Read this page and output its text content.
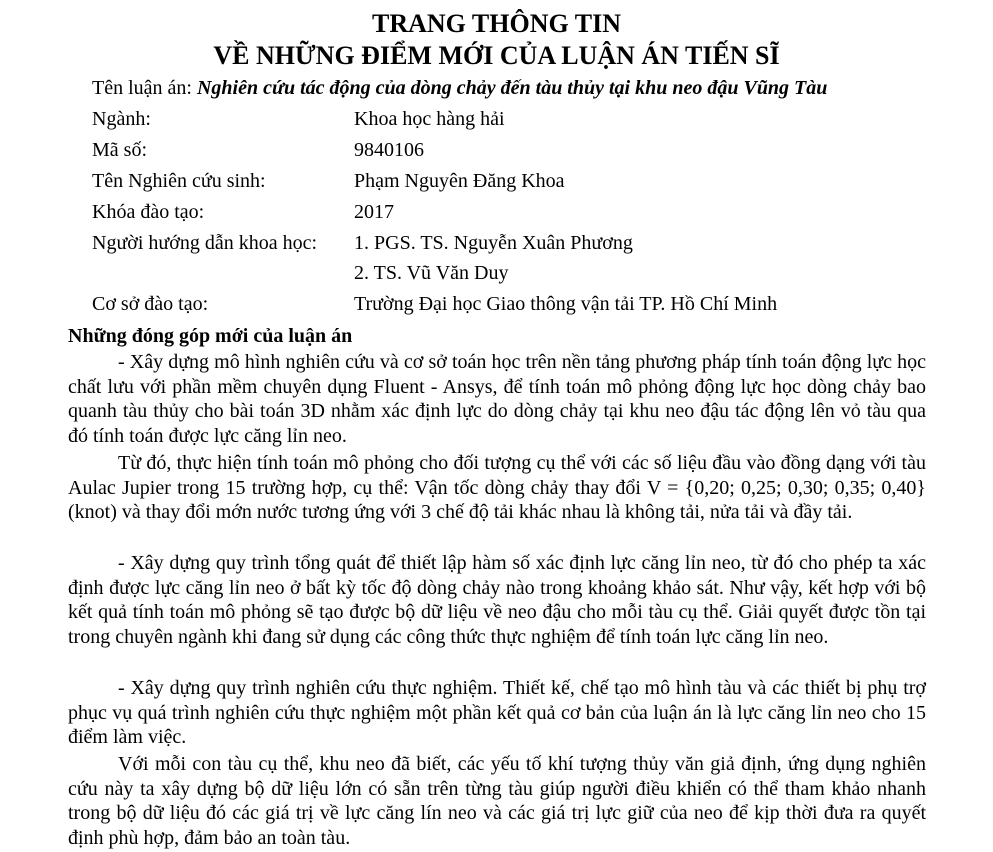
TRANG THÔNG TIN
VỀ NHỮNG ĐIỂM MỚI CỦA LUẬN ÁN TIẾN SĨ
Tên luận án: Nghiên cứu tác động của dòng chảy đến tàu thủy tại khu neo đậu Vũng Tàu
Ngành:	Khoa học hàng hải
Mã số:	9840106
Tên Nghiên cứu sinh:	Phạm Nguyên Đăng Khoa
Khóa đào tạo:	2017
Người hướng dẫn khoa học: 1. PGS. TS. Nguyễn Xuân Phương
2. TS. Vũ Văn Duy
Cơ sở đào tạo:	Trường Đại học Giao thông vận tải TP. Hồ Chí Minh
Những đóng góp mới của luận án

- Xây dựng mô hình nghiên cứu và cơ sở toán học trên nền tảng phương pháp tính toán động lực học chất lưu với phần mềm chuyên dụng Fluent - Ansys, để tính toán mô phỏng động lực học dòng chảy bao quanh tàu thủy cho bài toán 3D nhằm xác định lực do dòng chảy tại khu neo đậu tác động lên vỏ tàu qua đó tính toán được lực căng lỉn neo.

Từ đó, thực hiện tính toán mô phỏng cho đối tượng cụ thể với các số liệu đầu vào đồng dạng với tàu Aulac Jupier trong 15 trường hợp, cụ thể: Vận tốc dòng chảy thay đổi V = {0,20; 0,25; 0,30; 0,35; 0,40} (knot) và thay đổi mớn nước tương ứng với 3 chế độ tải khác nhau là không tải, nửa tải và đầy tải.

- Xây dựng quy trình tổng quát để thiết lập hàm số xác định lực căng lỉn neo, từ đó cho phép ta xác định được lực căng lỉn neo ở bất kỳ tốc độ dòng chảy nào trong khoảng khảo sát. Như vậy, kết hợp với bộ kết quả tính toán mô phỏng sẽ tạo được bộ dữ liệu về neo đậu cho mỗi tàu cụ thể. Giải quyết được tồn tại trong chuyên ngành khi đang sử dụng các công thức thực nghiệm để tính toán lực căng lỉn neo.

- Xây dựng quy trình nghiên cứu thực nghiệm. Thiết kế, chế tạo mô hình tàu và các thiết bị phụ trợ phục vụ quá trình nghiên cứu thực nghiệm một phần kết quả cơ bản của luận án là lực căng lỉn neo cho 15 điểm làm việc.

Với mỗi con tàu cụ thể, khu neo đã biết, các yếu tố khí tượng thủy văn giả định, ứng dụng nghiên cứu này ta xây dựng bộ dữ liệu lớn có sẵn trên từng tàu giúp người điều khiển có thể tham khảo nhanh trong bộ dữ liệu đó các giá trị về lực căng lín neo và các giá trị lực giữ của neo để kịp thời đưa ra quyết định phù hợp, đảm bảo an toàn tàu.
